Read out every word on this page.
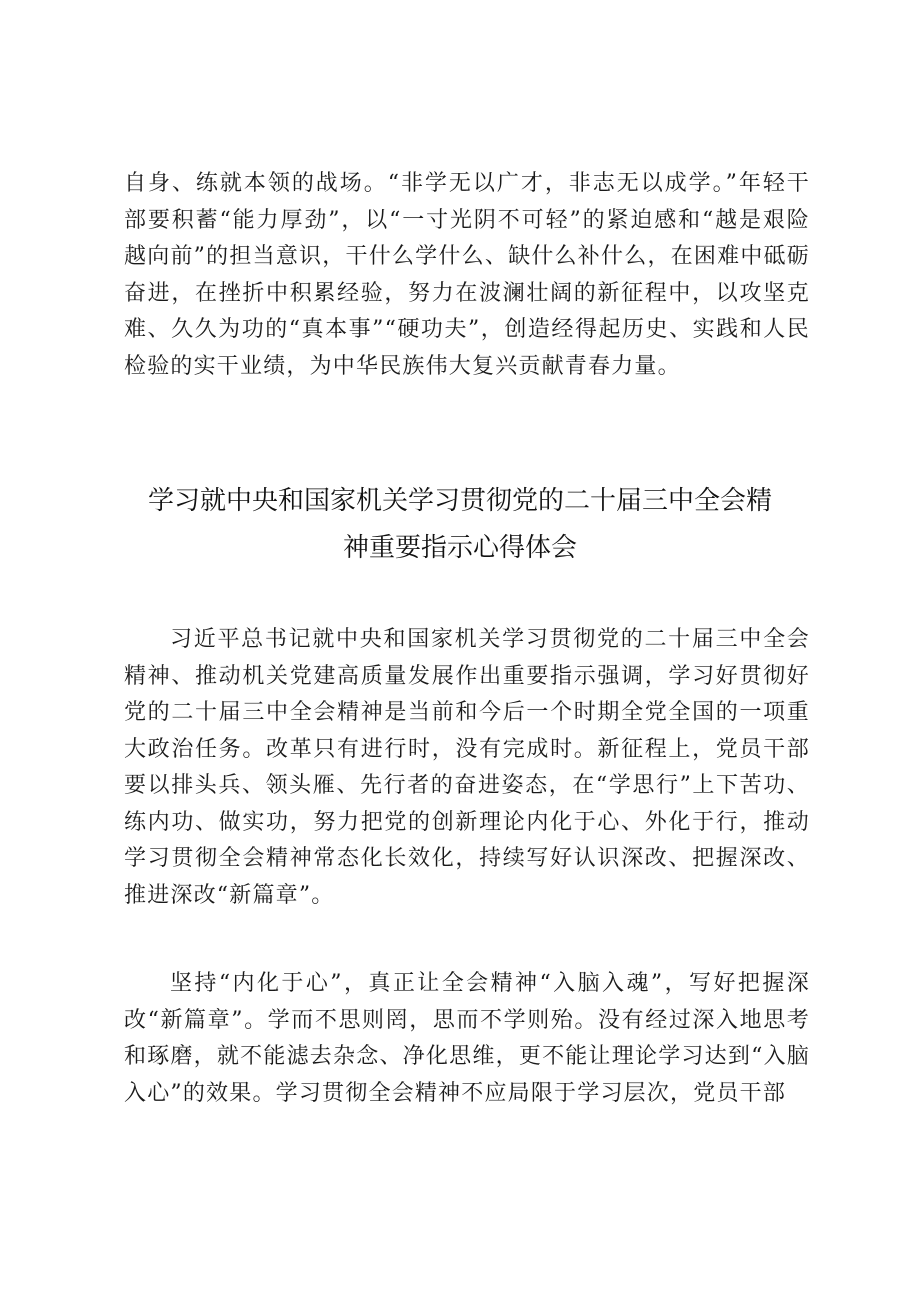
自身、练就本领的战场。“非学无以广才，非志无以成学。”年轻干部要积蓄“能力厚劲”，以“一寸光阴不可轻”的紧迫感和“越是艰险越向前”的担当意识，干什么学什么、缺什么补什么，在困难中砥砺奋进，在挫折中积累经验，努力在波澜壮阔的新征程中，以攻坚克难、久久为功的“真本事”“硬功夫”，创造经得起历史、实践和人民检验的实干业绩，为中华民族伟大复兴贡献青春力量。

学习就中央和国家机关学习贯彻党的二十届三中全会精
神重要指示心得体会

习近平总书记就中央和国家机关学习贯彻党的二十届三中全会精神、推动机关党建高质量发展作出重要指示强调，学习好贯彻好党的二十届三中全会精神是当前和今后一个时期全党全国的一项重大政治任务。改革只有进行时，没有完成时。新征程上，党员干部要以排头兵、领头雁、先行者的奋进姿态，在“学思行”上下苦功、练内功、做实功，努力把党的创新理论内化于心、外化于行，推动学习贯彻全会精神常态化长效化，持续写好认识深改、把握深改、推进深改“新篇章”。

坚持“内化于心”，真正让全会精神“入脑入魂”，写好把握深改“新篇章”。学而不思则罔，思而不学则殆。没有经过深入地思考和琢磨，就不能滤去杂念、净化思维，更不能让理论学习达到“入脑入心”的效果。学习贯彻全会精神不应局限于学习层次，党员干部
